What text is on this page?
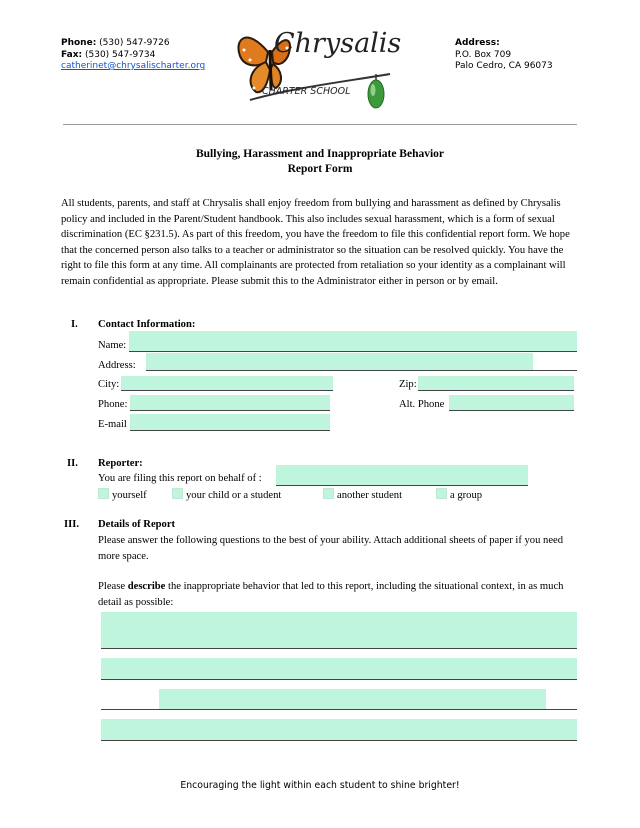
Phone: (530) 547-9726
Fax: (530) 547-9734
catherinet@chrysalischarter.org
Chrysalis
CHARTER SCHOOL
Address:
P.O. Box 709
Palo Cedro, CA 96073
Bullying, Harassment and Inappropriate Behavior
Report Form
All students, parents, and staff at Chrysalis shall enjoy freedom from bullying and harassment as defined by Chrysalis policy and included in the Parent/Student handbook. This also includes sexual harassment, which is a form of sexual discrimination (EC §231.5). As part of this freedom, you have the freedom to file this confidential report form. We hope that the concerned person also talks to a teacher or administrator so the situation can be resolved quickly. You have the right to file this form at any time. All complainants are protected from retaliation so your identity as a complainant will remain confidential as appropriate. Please submit this to the Administrator either in person or by email.
I. Contact Information:
Name:
Address:
City:	Zip:
Phone:	Alt. Phone
E-mail
II. Reporter:
You are filing this report on behalf of :
yourself	your child or a student	another student	a group
III. Details of Report
Please answer the following questions to the best of your ability. Attach additional sheets of paper if you need more space.
Please describe the inappropriate behavior that led to this report, including the situational context, in as much detail as possible:
Encouraging the light within each student to shine brighter!
